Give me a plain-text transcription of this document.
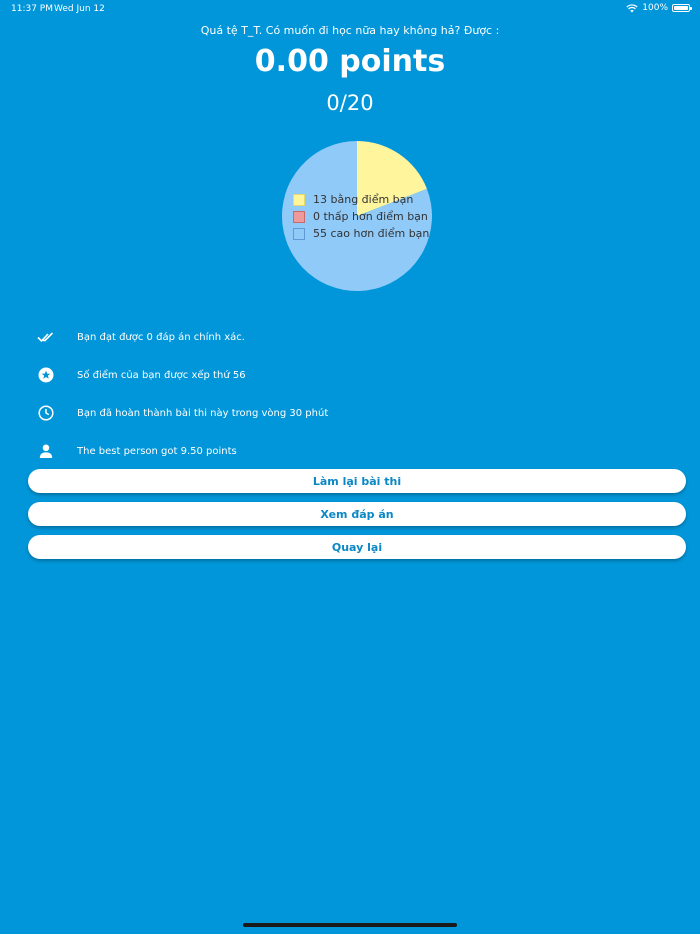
11:37 PM Wed Jun 12	100%
Quá tệ T_T. Có muốn đi học nữa hay không hả? Được :
0.00 points
0/20
13 bằng điểm bạn
0 thấp hơn điểm bạn
55 cao hơn điểm bạn
Bạn đạt được 0 đáp án chính xác.
Số điểm của bạn được xếp thứ 56
Bạn đã hoàn thành bài thi này trong vòng 30 phút
The best person got 9.50 points
Làm lại bài thi
Xem đáp án
Quay lại
